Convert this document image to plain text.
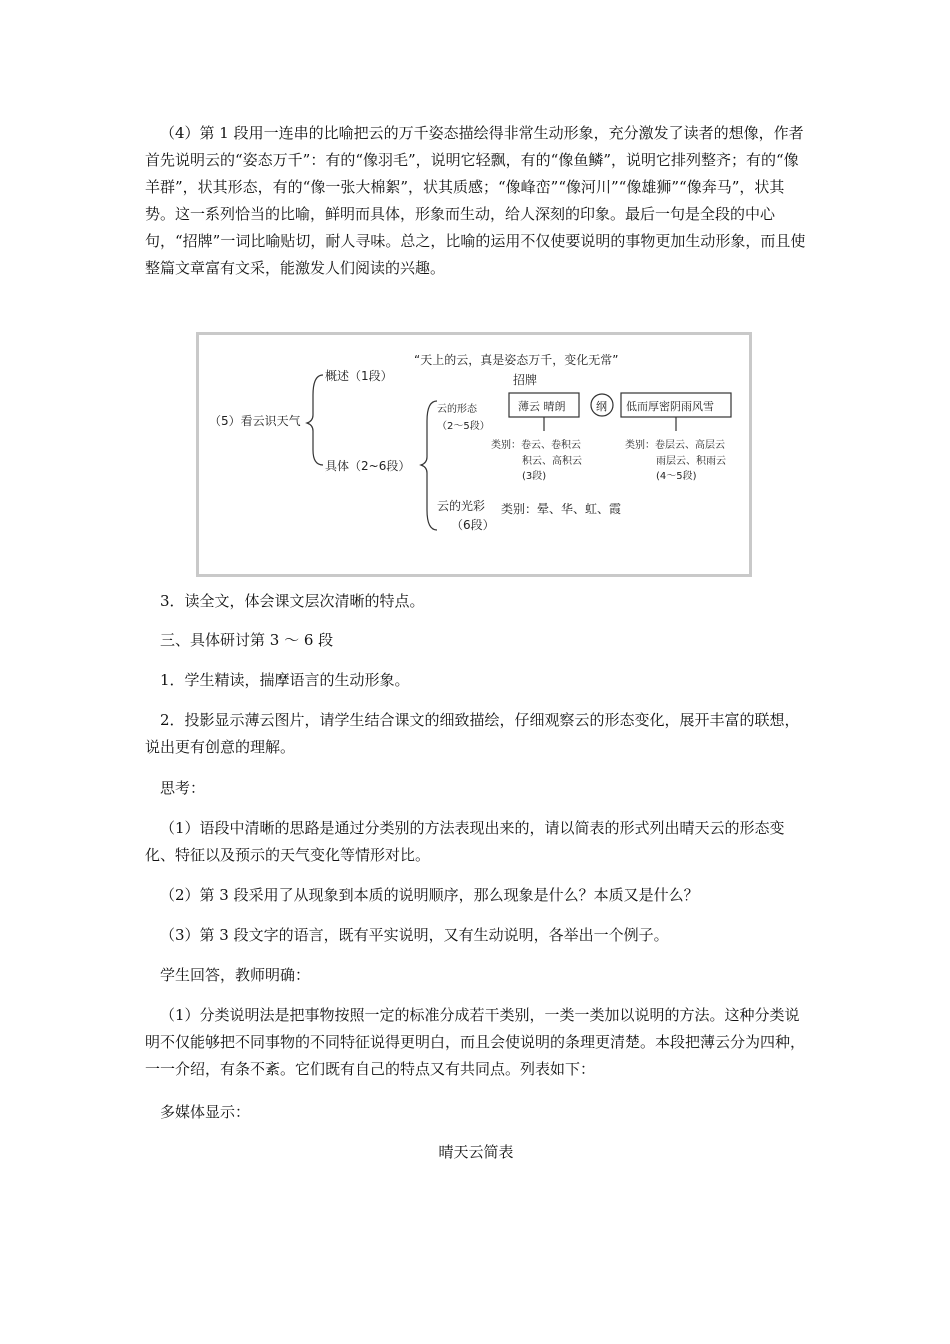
（4）第 1 段用一连串的比喻把云的万千姿态描绘得非常生动形象，充分激发了读者的想像，作者首先说明云的“姿态万千”：有的“像羽毛”，说明它轻飘，有的“像鱼鳞”，说明它排列整齐；有的“像羊群”，状其形态，有的“像一张大棉絮”，状其质感；“像峰峦”“像河川”“像雄狮”“像奔马”，状其势。这一系列恰当的比喻，鲜明而具体，形象而生动，给人深刻的印象。最后一句是全段的中心句，“招牌”一词比喻贴切，耐人寻味。总之，比喻的运用不仅使要说明的事物更加生动形象，而且使整篇文章富有文采，能激发人们阅读的兴趣。

“天上的云，真是姿态万千，变化无常”
（5）看云识天气
概述（1段）
具体（2~6段）
云的形态
（2～5段）
招牌
薄云 晴朗	纲 低而厚密阴雨风雪
类别：卷云、卷积云
积云、高积云
(3段)
类别：卷层云、高层云
雨层云、积雨云
(4～5段)
云的光彩
（6段）
类别：晕、华、虹、霞

3．读全文，体会课文层次清晰的特点。

三、具体研讨第 3 ～ 6 段

1．学生精读，揣摩语言的生动形象。

2．投影显示薄云图片，请学生结合课文的细致描绘，仔细观察云的形态变化，展开丰富的联想，说出更有创意的理解。

思考：

（1）语段中清晰的思路是通过分类别的方法表现出来的，请以简表的形式列出晴天云的形态变化、特征以及预示的天气变化等情形对比。

（2）第 3 段采用了从现象到本质的说明顺序，那么现象是什么？本质又是什么？

（3）第 3 段文字的语言，既有平实说明，又有生动说明，各举出一个例子。

学生回答，教师明确：

（1）分类说明法是把事物按照一定的标准分成若干类别，一类一类加以说明的方法。这种分类说明不仅能够把不同事物的不同特征说得更明白，而且会使说明的条理更清楚。本段把薄云分为四种，一一介绍，有条不紊。它们既有自己的特点又有共同点。列表如下：

多媒体显示：

晴天云简表
